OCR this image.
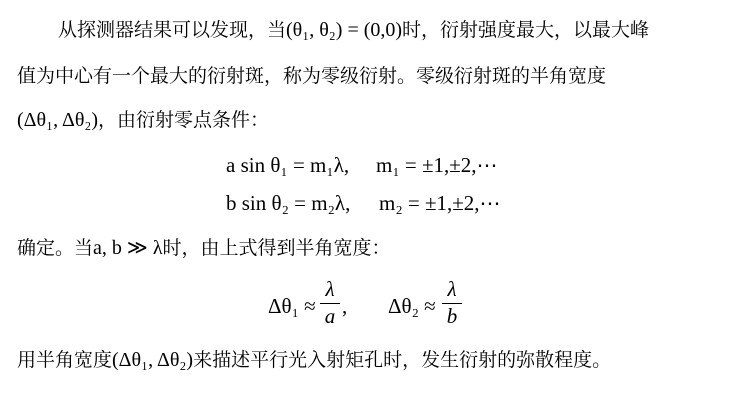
从探测器结果可以发现，当(θ₁, θ₂) = (0,0)时，衍射强度最大，以最大峰
值为中心有一个最大的衍射斑，称为零级衍射。零级衍射斑的半角宽度
(Δθ₁, Δθ₂)，由衍射零点条件：
a sin θ₁ = m₁λ, m₁ = ±1,±2,⋯
b sin θ₂ = m₂λ, m₂ = ±1,±2,⋯
确定。当a, b ≫ λ时，由上式得到半角宽度：
Δθ₁ ≈
λ
a , Δθ₂ ≈
λ
b
用半角宽度(Δθ₁, Δθ₂)来描述平行光入射矩孔时，发生衍射的弥散程度。
